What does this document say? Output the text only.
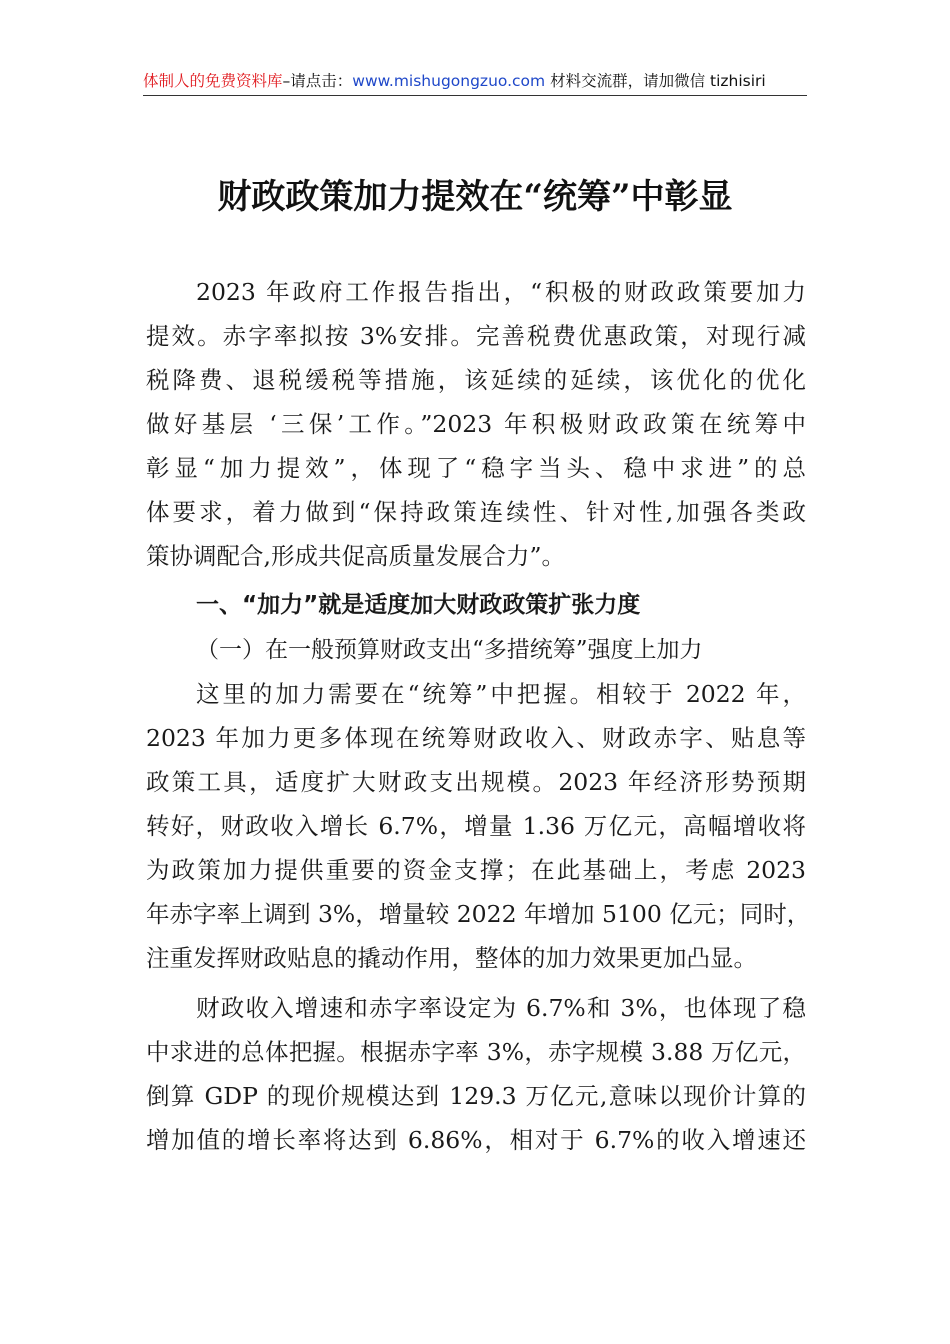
体制人的免费资料库–请点击：www.mishugongzuo.com 材料交流群，请加微信 tizhisiri
财政政策加力提效在“统筹”中彰显
2023 年政府工作报告指出，“积极的财政政策要加力
提效。赤字率拟按 3%安排。完善税费优惠政策，对现行减
税降费、退税缓税等措施，该延续的延续，该优化的优化
做好基层 ‘三保’工作。”2023 年积极财政政策在统筹中
彰显“加力提效”，体现了“稳字当头、稳中求进”的总
体要求，着力做到“保持政策连续性、针对性,加强各类政
策协调配合,形成共促高质量发展合力”。
一、“加力”就是适度加大财政政策扩张力度
（一）在一般预算财政支出“多措统筹”强度上加力
这里的加力需要在“统筹”中把握。相较于 2022 年，
2023 年加力更多体现在统筹财政收入、财政赤字、贴息等
政策工具，适度扩大财政支出规模。2023 年经济形势预期
转好，财政收入增长 6.7%，增量 1.36 万亿元，高幅增收将
为政策加力提供重要的资金支撑；在此基础上，考虑 2023
年赤字率上调到 3%，增量较 2022 年增加 5100 亿元；同时，
注重发挥财政贴息的撬动作用，整体的加力效果更加凸显。
财政收入增速和赤字率设定为 6.7%和 3%，也体现了稳
中求进的总体把握。根据赤字率 3%，赤字规模 3.88 万亿元，
倒算 GDP 的现价规模达到 129.3 万亿元,意味以现价计算的
增加值的增长率将达到 6.86%，相对于 6.7%的收入增速还
